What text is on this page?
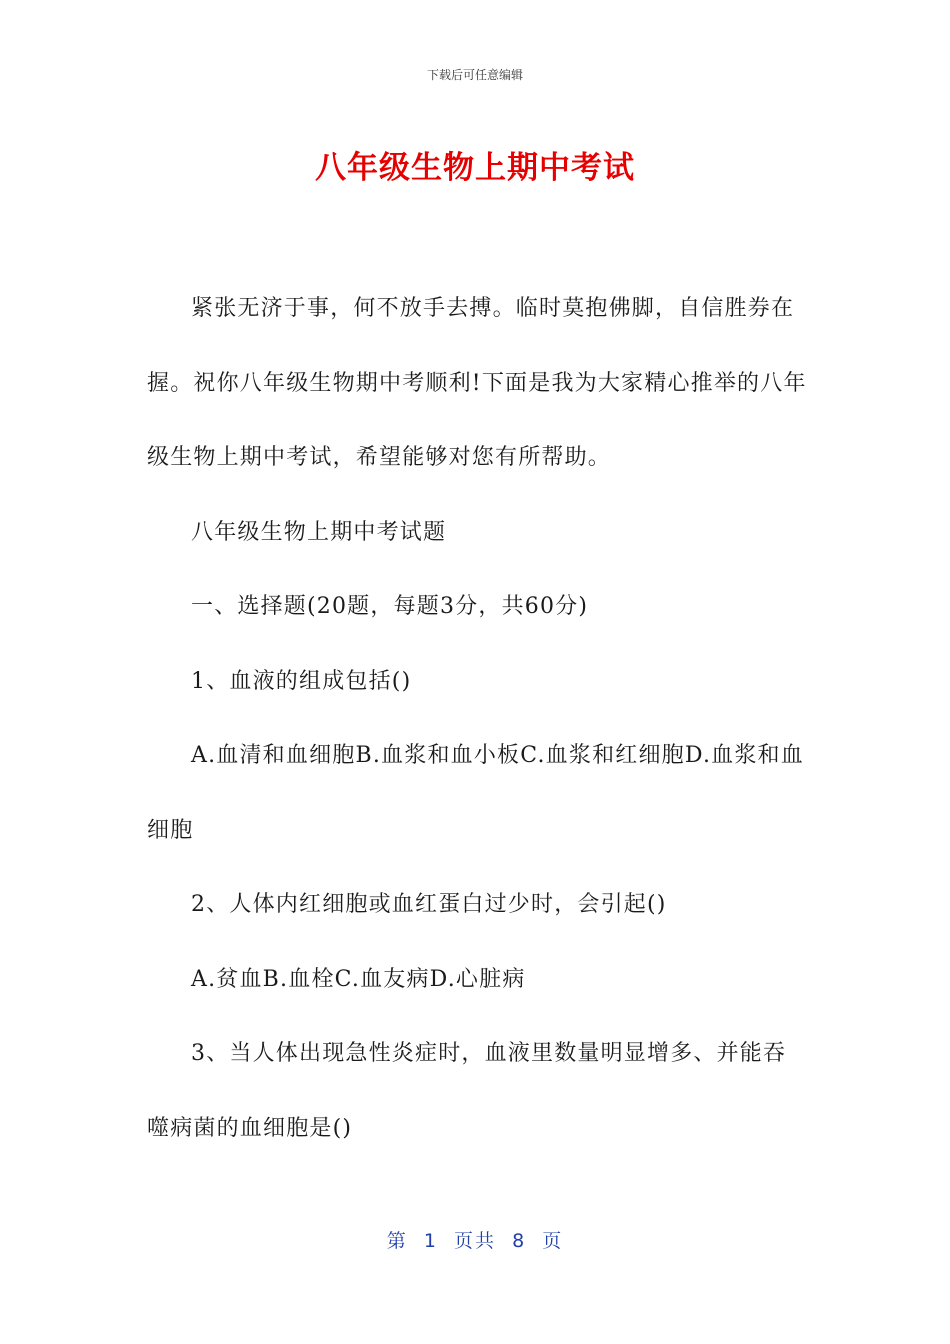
下载后可任意编辑
八年级生物上期中考试

紧张无济于事，何不放手去搏。临时莫抱佛脚，自信胜券在握。祝你八年级生物期中考顺利!下面是我为大家精心推举的八年级生物上期中考试，希望能够对您有所帮助。

八年级生物上期中考试题

一、选择题(20题，每题3分，共60分)

1、血液的组成包括()

A.血清和血细胞B.血浆和血小板C.血浆和红细胞D.血浆和血细胞

2、人体内红细胞或血红蛋白过少时，会引起()

A.贫血B.血栓C.血友病D.心脏病

3、当人体出现急性炎症时，血液里数量明显增多、并能吞噬病菌的血细胞是()

第  1  页共  8  页
